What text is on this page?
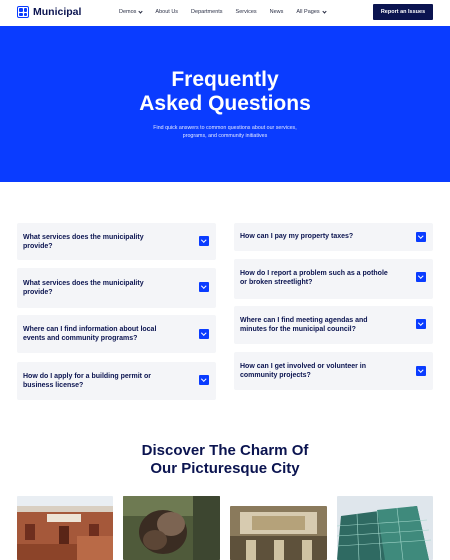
Municipal	Demos	About Us Departments Services News All Pages	Report an Issues
Frequently
Asked Questions
Find quick answers to common questions about our services,
programs, and community initiatives
What services does the municipality
provide?
What services does the municipality
provide?
Where can I find information about local
events and community programs?
How do I apply for a building permit or
business license?
How can I pay my property taxes?
How do I report a problem such as a pothole
or broken streetlight?
Where can I find meeting agendas and
minutes for the municipal council?
How can I get involved or volunteer in
community projects?
Discover The Charm Of
Our Picturesque City
